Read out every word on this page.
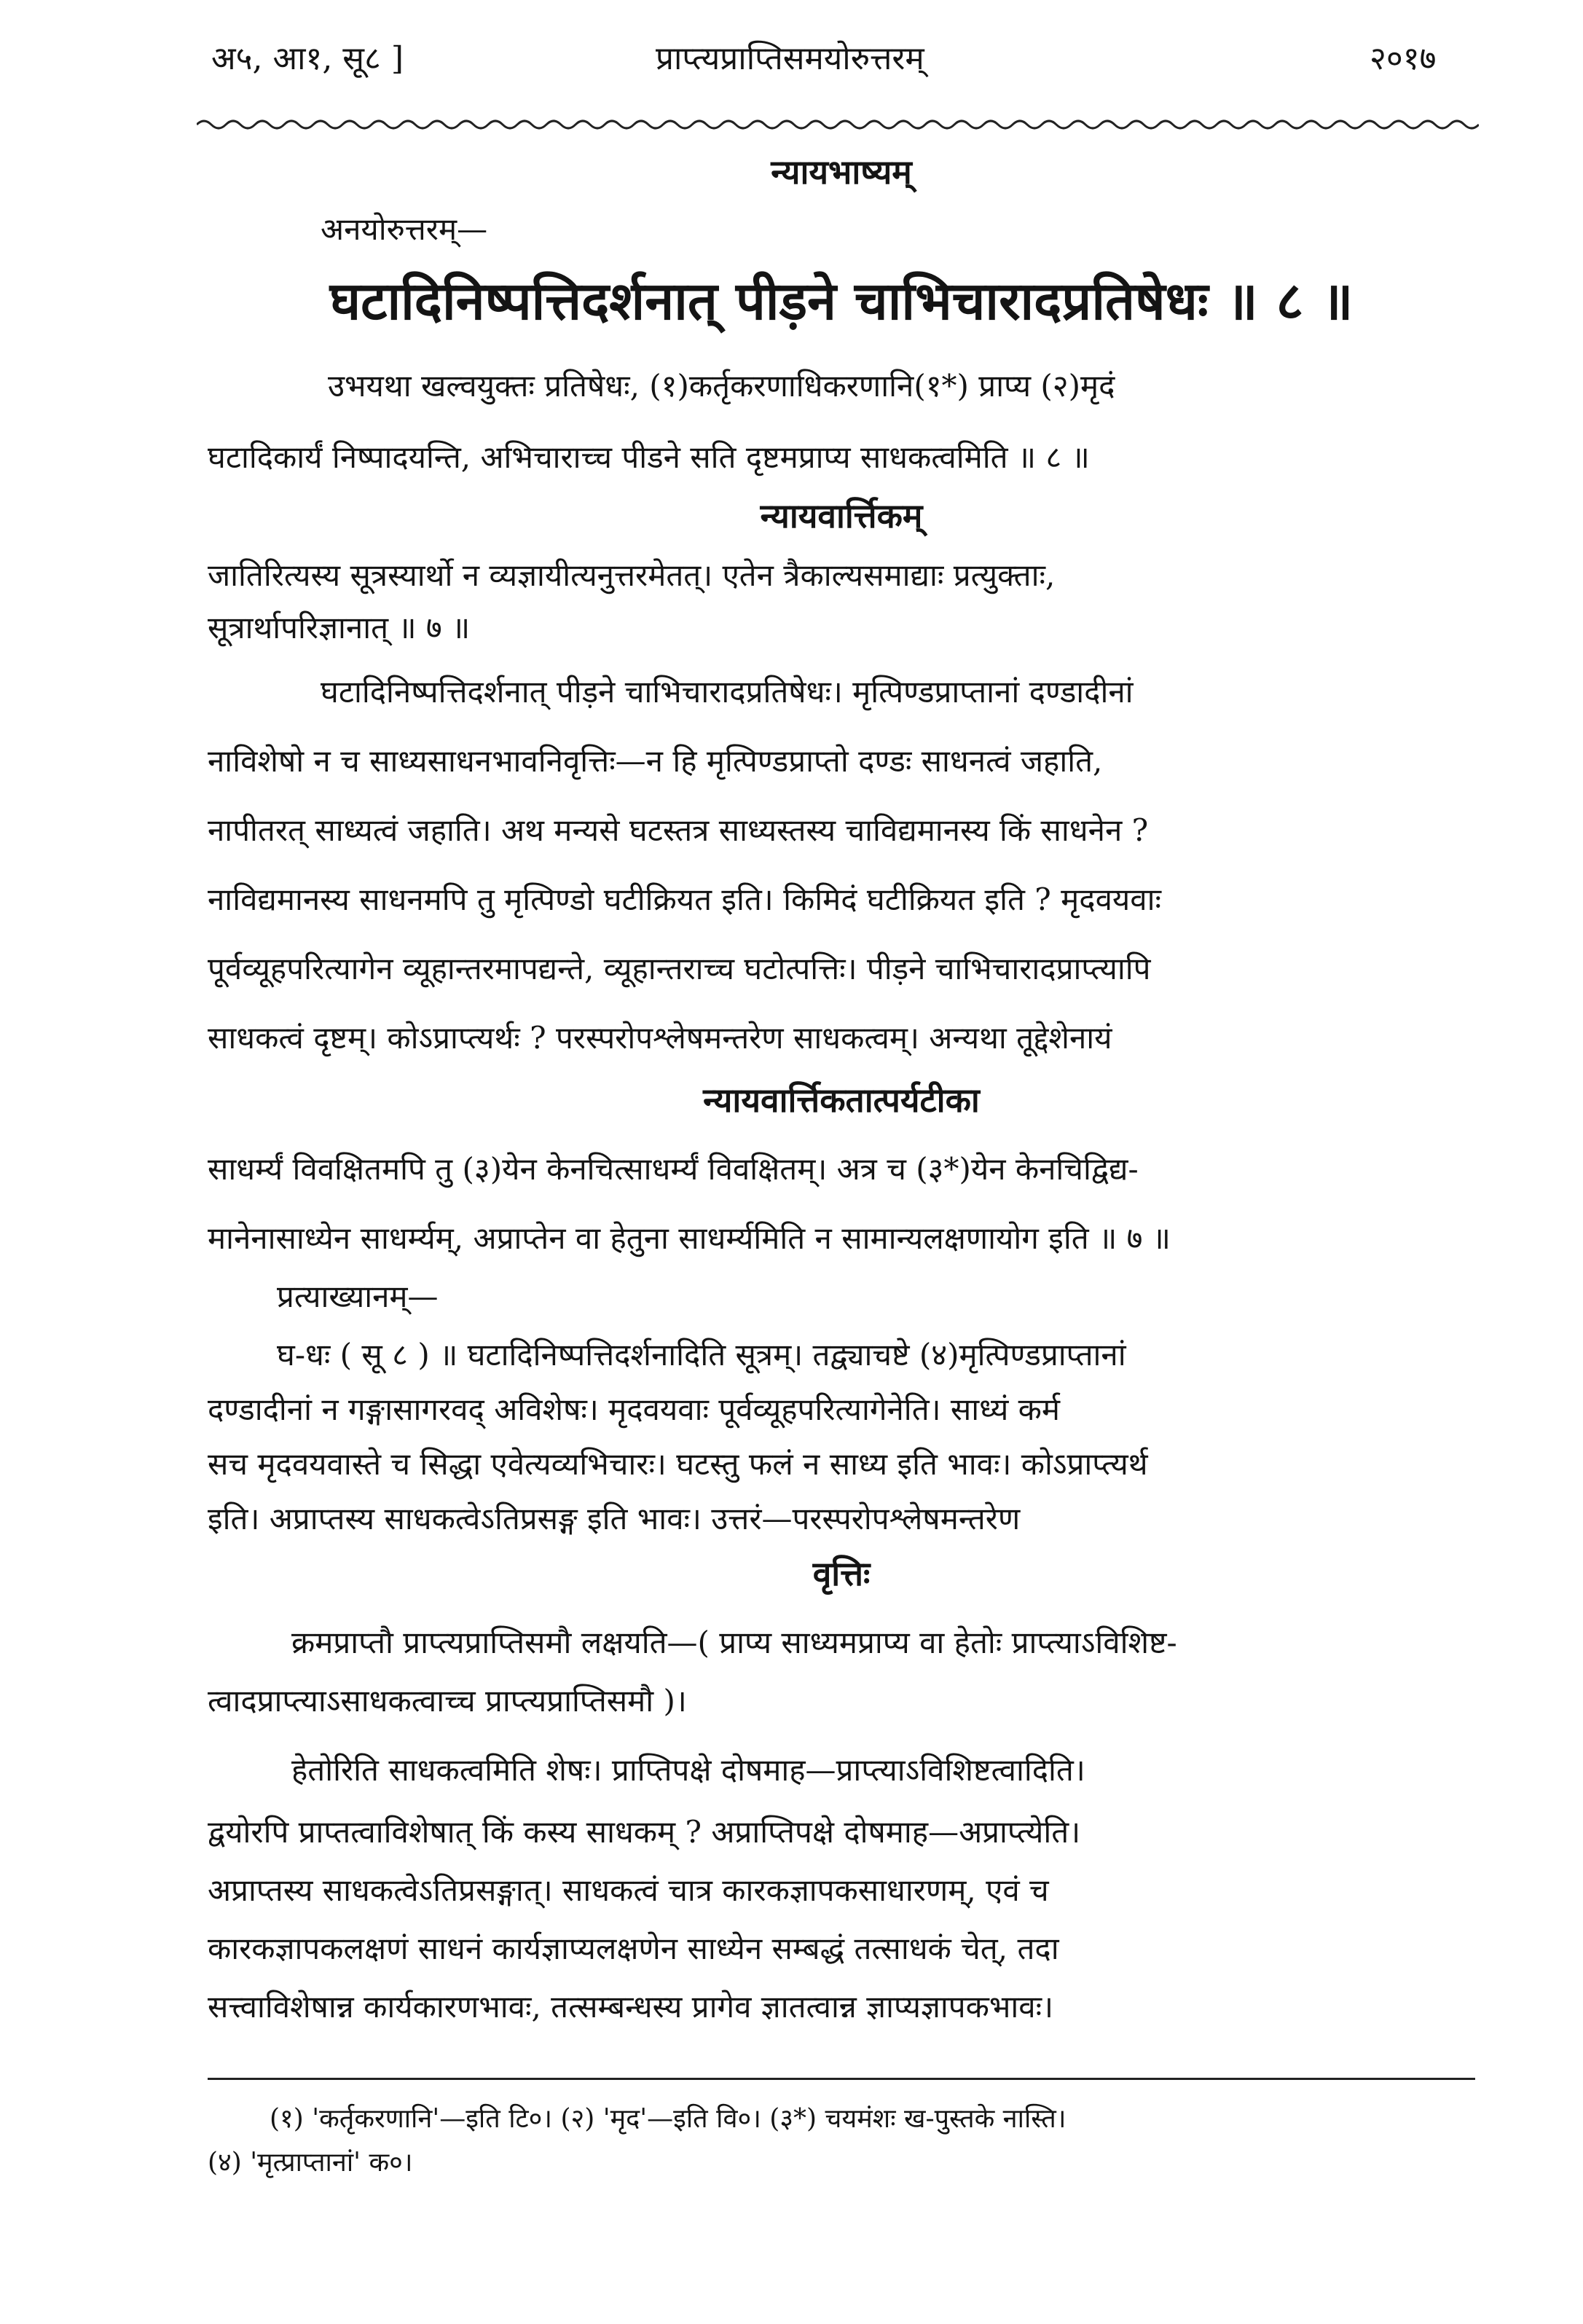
अ५, आ१, सू८ ]	प्राप्त्यप्राप्तिसमयोरुत्तरम्	२०१७
न्यायभाष्यम्
अनयोरुत्तरम्—
घटादिनिष्पत्तिदर्शनात् पीड़ने चाभिचारादप्रतिषेधः ॥ ८ ॥
उभयथा खल्वयुक्तः प्रतिषेधः, (१)कर्तृकरणाधिकरणानि(१*) प्राप्य (२)मृदं
घटादिकार्यं निष्पादयन्ति, अभिचाराच्च पीडने सति दृष्टमप्राप्य साधकत्वमिति ॥ ८ ॥
न्यायवार्त्तिकम्
जातिरित्यस्य सूत्रस्यार्थो न व्यज्ञायीत्यनुत्तरमेतत्। एतेन त्रैकाल्यसमाद्याः प्रत्युक्ताः,
सूत्रार्थापरिज्ञानात् ॥ ७ ॥
घटादिनिष्पत्तिदर्शनात् पीड़ने चाभिचारादप्रतिषेधः। मृत्पिण्डप्राप्तानां दण्डादीनां
नाविशेषो न च साध्यसाधनभावनिवृत्तिः—न हि मृत्पिण्डप्राप्तो दण्डः साधनत्वं जहाति,
नापीतरत् साध्यत्वं जहाति। अथ मन्यसे घटस्तत्र साध्यस्तस्य चाविद्यमानस्य किं साधनेन ?
नाविद्यमानस्य साधनमपि तु मृत्पिण्डो घटीक्रियत इति। किमिदं घटीक्रियत इति ? मृदवयवाः
पूर्वव्यूहपरित्यागेन व्यूहान्तरमापद्यन्ते, व्यूहान्तराच्च घटोत्पत्तिः। पीड़ने चाभिचारादप्राप्त्यापि
साधकत्वं दृष्टम्। कोऽप्राप्त्यर्थः ? परस्परोपश्लेषमन्तरेण साधकत्वम्। अन्यथा तूद्देशेनायं
न्यायवार्त्तिकतात्पर्यटीका
साधर्म्यं विवक्षितमपि तु (३)येन केनचित्साधर्म्यं विवक्षितम्। अत्र च (३*)येन केनचिद्विद्य-
मानेनासाध्येन साधर्म्यम्, अप्राप्तेन वा हेतुना साधर्म्यमिति न सामान्यलक्षणायोग इति ॥ ७ ॥
प्रत्याख्यानम्—
घ-धः ( सू ८ ) ॥ घटादिनिष्पत्तिदर्शनादिति सूत्रम्। तद्व्याचष्टे (४)मृत्पिण्डप्राप्तानां
दण्डादीनां न गङ्गासागरवद् अविशेषः। मृदवयवाः पूर्वव्यूहपरित्यागेनेति। साध्यं कर्म
सच मृदवयवास्ते च सिद्धा एवेत्यव्यभिचारः। घटस्तु फलं न साध्य इति भावः। कोऽप्राप्त्यर्थ
इति। अप्राप्तस्य साधकत्वेऽतिप्रसङ्ग इति भावः। उत्तरं—परस्परोपश्लेषमन्तरेण
वृत्तिः
क्रमप्राप्तौ प्राप्त्यप्राप्तिसमौ लक्षयति—( प्राप्य साध्यमप्राप्य वा हेतोः प्राप्त्याऽविशिष्ट-
त्वादप्राप्त्याऽसाधकत्वाच्च प्राप्त्यप्राप्तिसमौ )।
हेतोरिति साधकत्वमिति शेषः। प्राप्तिपक्षे दोषमाह—प्राप्त्याऽविशिष्टत्वादिति।
द्वयोरपि प्राप्तत्वाविशेषात् किं कस्य साधकम् ? अप्राप्तिपक्षे दोषमाह—अप्राप्त्येति।
अप्राप्तस्य साधकत्वेऽतिप्रसङ्गात्। साधकत्वं चात्र कारकज्ञापकसाधारणम्, एवं च
कारकज्ञापकलक्षणं साधनं कार्यज्ञाप्यलक्षणेन साध्येन सम्बद्धं तत्साधकं चेत्, तदा
सत्त्वाविशेषान्न कार्यकारणभावः, तत्सम्बन्धस्य प्रागेव ज्ञातत्वान्न ज्ञाप्यज्ञापकभावः।
(१) 'कर्तृकरणानि'—इति टि०। (२) 'मृद'—इति वि०। (३*) चयमंशः ख-पुस्तके नास्ति।
(४) 'मृत्प्राप्तानां' क०।
